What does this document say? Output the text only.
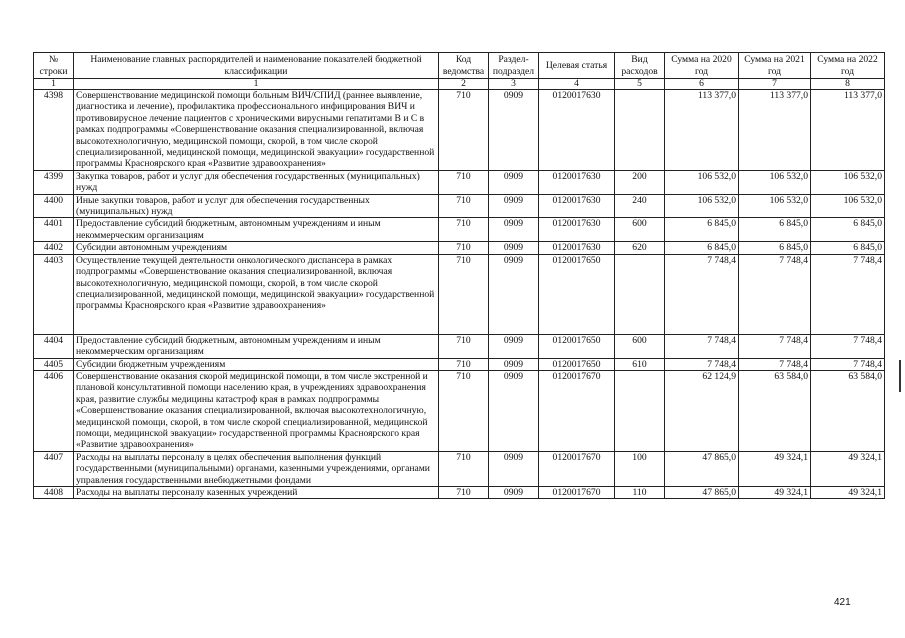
№ строки	Наименование главных распорядителей и наименование показателей бюджетной классификации	Код ведомства	Раздел-подраздел	Целевая статья	Вид расходов	Сумма на 2020 год	Сумма на 2021 год	Сумма на 2022 год
1	1	2	3	4	5	6	7	8
4398	Совершенствование медицинской помощи больным ВИЧ/СПИД (раннее выявление, диагностика и лечение), профилактика профессионального инфицирования ВИЧ и противовирусное лечение пациентов с хроническими вирусными гепатитами В и С в рамках подпрограммы «Совершенствование оказания специализированной, включая высокотехнологичную, медицинской помощи, скорой, в том числе скорой специализированной, медицинской помощи, медицинской эвакуации» государственной программы Красноярского края «Развитие здравоохранения»	710	0909	0120017630		113 377,0	113 377,0	113 377,0
4399	Закупка товаров, работ и услуг для обеспечения государственных (муниципальных) нужд	710	0909	0120017630	200	106 532,0	106 532,0	106 532,0
4400	Иные закупки товаров, работ и услуг для обеспечения государственных (муниципальных) нужд	710	0909	0120017630	240	106 532,0	106 532,0	106 532,0
4401	Предоставление субсидий бюджетным, автономным учреждениям и иным некоммерческим организациям	710	0909	0120017630	600	6 845,0	6 845,0	6 845,0
4402	Субсидии автономным учреждениям	710	0909	0120017630	620	6 845,0	6 845,0	6 845,0
4403	Осуществление текущей деятельности онкологического диспансера в рамках подпрограммы «Совершенствование оказания специализированной, включая высокотехнологичную, медицинской помощи, скорой, в том числе скорой специализированной, медицинской помощи, медицинской эвакуации» государственной программы Красноярского края «Развитие здравоохранения»	710	0909	0120017650		7 748,4	7 748,4	7 748,4
4404	Предоставление субсидий бюджетным, автономным учреждениям и иным некоммерческим организациям	710	0909	0120017650	600	7 748,4	7 748,4	7 748,4
4405	Субсидии бюджетным учреждениям	710	0909	0120017650	610	7 748,4	7 748,4	7 748,4
4406	Совершенствование оказания скорой медицинской помощи, в том числе экстренной и плановой консультативной помощи населению края, в учреждениях здравоохранения края, развитие службы медицины катастроф края в рамках подпрограммы «Совершенствование оказания специализированной, включая высокотехнологичную, медицинской помощи, скорой, в том числе скорой специализированной, медицинской помощи, медицинской эвакуации» государственной программы Красноярского края «Развитие здравоохранения»	710	0909	0120017670		62 124,9	63 584,0	63 584,0
4407	Расходы на выплаты персоналу в целях обеспечения выполнения функций государственными (муниципальными) органами, казенными учреждениями, органами управления государственными внебюджетными фондами	710	0909	0120017670	100	47 865,0	49 324,1	49 324,1
4408	Расходы на выплаты персоналу казенных учреждений	710	0909	0120017670	110	47 865,0	49 324,1	49 324,1
421
